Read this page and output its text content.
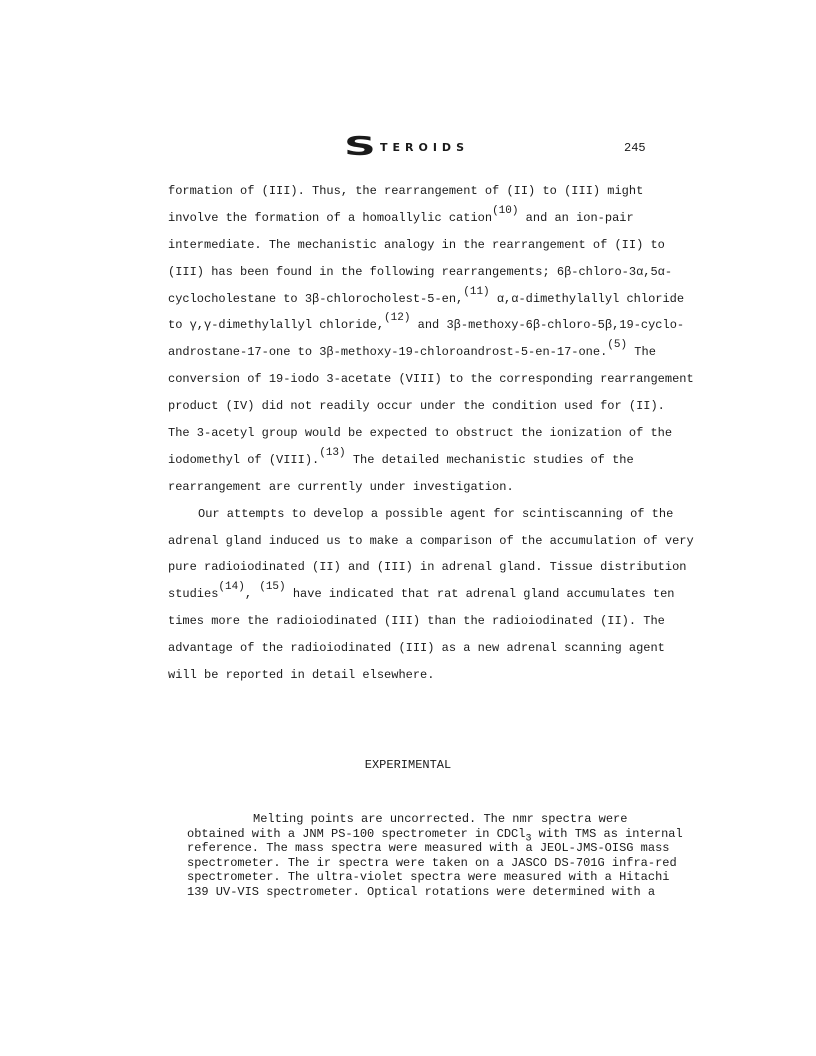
S TEROIDS	245
formation of (III). Thus, the rearrangement of (II) to (III) might
involve the formation of a homoallylic cation$^{(10)}$ and an ion-pair
intermediate. The mechanistic analogy in the rearrangement of (II) to
(III) has been found in the following rearrangements; 6β-chloro-3α,5α-
cyclocholestane to 3β-chlorocholest-5-en,$^{(11)}$ α,α-dimethylallyl chloride
to γ,γ-dimethylallyl chloride,$^{(12)}$ and 3β-methoxy-6β-chloro-5β,19-cyclo-
androstane-17-one to 3β-methoxy-19-chloroandrost-5-en-17-one.$^{(5)}$ The
conversion of 19-iodo 3-acetate (VIII) to the corresponding rearrangement
product (IV) did not readily occur under the condition used for (II).
The 3-acetyl group would be expected to obstruct the ionization of the
iodomethyl of (VIII).$^{(13)}$ The detailed mechanistic studies of the
rearrangement are currently under investigation.
Our attempts to develop a possible agent for scintiscanning of the
adrenal gland induced us to make a comparison of the accumulation of very
pure radioiodinated (II) and (III) in adrenal gland. Tissue distribution
studies$^{(14)}$, $^{(15)}$ have indicated that rat adrenal gland accumulates ten
times more the radioiodinated (III) than the radioiodinated (II). The
advantage of the radioiodinated (III) as a new adrenal scanning agent
will be reported in detail elsewhere.
EXPERIMENTAL
Melting points are uncorrected. The nmr spectra were
obtained with a JNM PS-100 spectrometer in CDCl$_3$ with TMS as internal
reference. The mass spectra were measured with a JEOL-JMS-OISG mass
spectrometer. The ir spectra were taken on a JASCO DS-701G infra-red
spectrometer. The ultra-violet spectra were measured with a Hitachi
139 UV-VIS spectrometer. Optical rotations were determined with a
